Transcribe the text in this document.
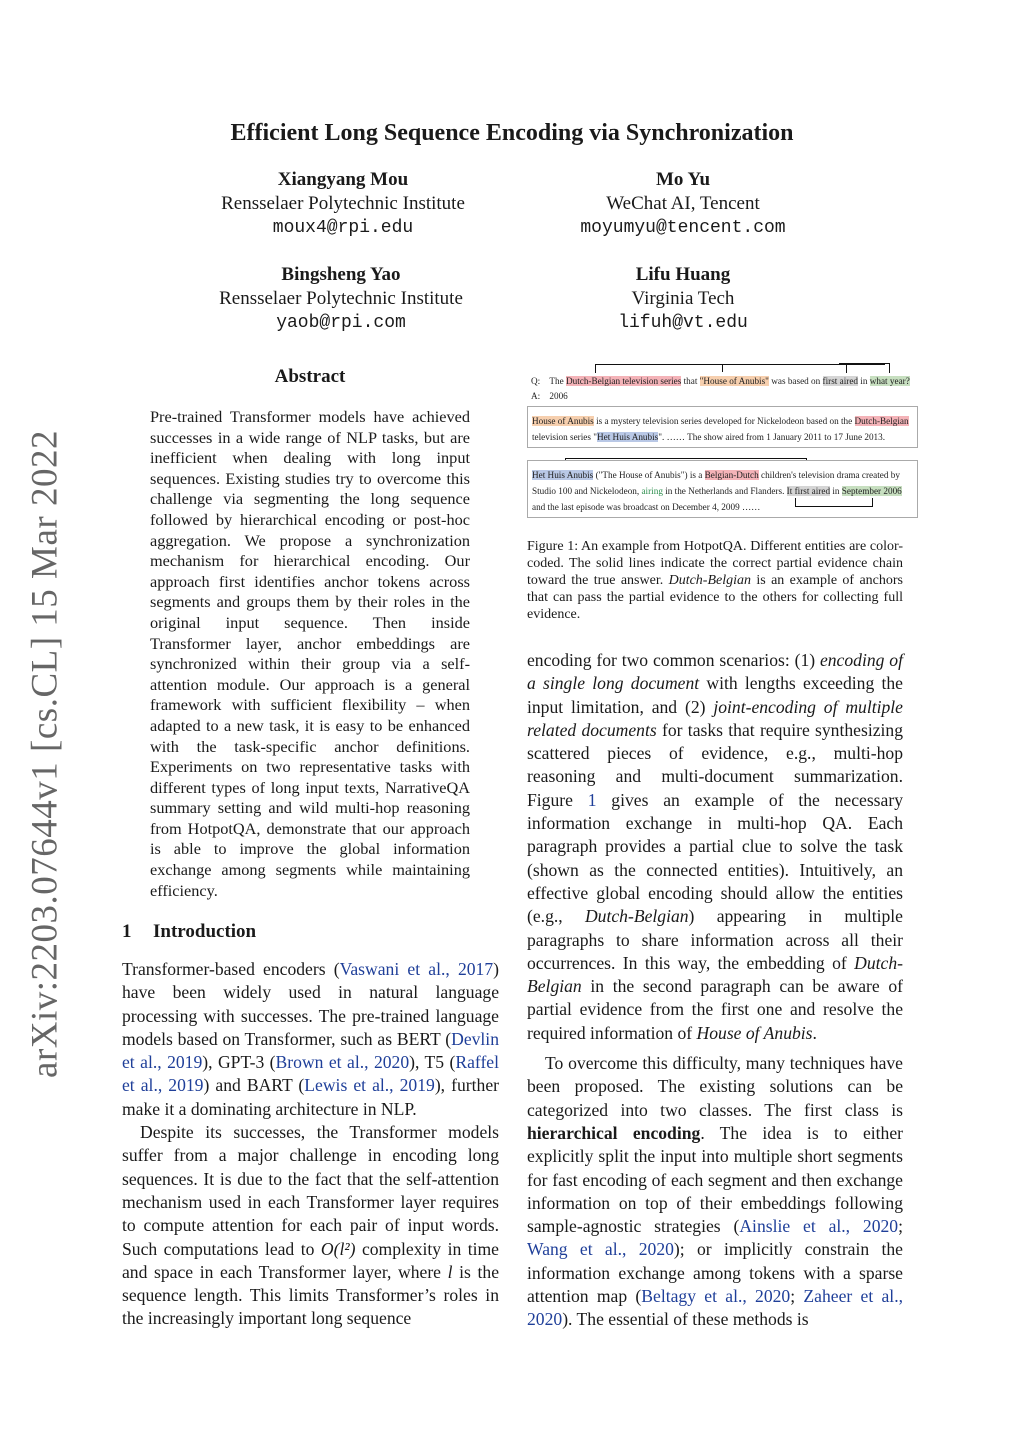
arXiv:2203.07644v1 [cs.CL] 15 Mar 2022
Efficient Long Sequence Encoding via Synchronization
Xiangyang Mou
Rensselaer Polytechnic Institute
moux4@rpi.edu
Mo Yu
WeChat AI, Tencent
moyumyu@tencent.com
Bingsheng Yao
Rensselaer Polytechnic Institute
yaob@rpi.com
Lifu Huang
Virginia Tech
lifuh@vt.edu
Abstract

Pre-trained Transformer models have achieved successes in a wide range of NLP tasks, but are inefficient when dealing with long input sequences. Existing studies try to overcome this challenge via segmenting the long sequence followed by hierarchical encoding or post-hoc aggregation. We propose a synchronization mechanism for hierarchical encoding. Our approach first identifies anchor tokens across segments and groups them by their roles in the original input sequence. Then inside Transformer layer, anchor embeddings are synchronized within their group via a self-attention module. Our approach is a general framework with sufficient flexibility – when adapted to a new task, it is easy to be enhanced with the task-specific anchor definitions. Experiments on two representative tasks with different types of long input texts, NarrativeQA summary setting and wild multi-hop reasoning from HotpotQA, demonstrate that our approach is able to improve the global information exchange among segments while maintaining efficiency.

1 Introduction

Transformer-based encoders (Vaswani et al., 2017) have been widely used in natural language processing with successes. The pre-trained language models based on Transformer, such as BERT (Devlin et al., 2019), GPT-3 (Brown et al., 2020), T5 (Raffel et al., 2019) and BART (Lewis et al., 2019), further make it a dominating architecture in NLP.

Despite its successes, the Transformer models suffer from a major challenge in encoding long sequences. It is due to the fact that the self-attention mechanism used in each Transformer layer requires to compute attention for each pair of input words. Such computations lead to O(l²) complexity in time and space in each Transformer layer, where l is the sequence length. This limits Transformer’s roles in the increasingly important long sequence

Q: The Dutch-Belgian television series that "House of Anubis" was based on first aired in what year?
A: 2006
House of Anubis is a mystery television series developed for Nickelodeon based on the Dutch-Belgian
television series "Het Huis Anubis". …… The show aired from 1 January 2011 to 17 June 2013.
Het Huis Anubis ("The House of Anubis") is a Belgian-Dutch children's television drama created by
Studio 100 and Nickelodeon, airing in the Netherlands and Flanders. It first aired in September 2006
and the last episode was broadcast on December 4, 2009 ……
Figure 1: An example from HotpotQA. Different entities are color-coded. The solid lines indicate the correct partial evidence chain toward the true answer. Dutch-Belgian is an example of anchors that can pass the partial evidence to the others for collecting full evidence.

encoding for two common scenarios: (1) encoding of a single long document with lengths exceeding the input limitation, and (2) joint-encoding of multiple related documents for tasks that require synthesizing scattered pieces of evidence, e.g., multi-hop reasoning and multi-document summarization. Figure 1 gives an example of the necessary information exchange in multi-hop QA. Each paragraph provides a partial clue to solve the task (shown as the connected entities). Intuitively, an effective global encoding should allow the entities (e.g., Dutch-Belgian) appearing in multiple paragraphs to share information across all their occurrences. In this way, the embedding of Dutch-Belgian in the second paragraph can be aware of partial evidence from the first one and resolve the required information of House of Anubis.

To overcome this difficulty, many techniques have been proposed. The existing solutions can be categorized into two classes. The first class is hierarchical encoding. The idea is to either explicitly split the input into multiple short segments for fast encoding of each segment and then exchange information on top of their embeddings following sample-agnostic strategies (Ainslie et al., 2020; Wang et al., 2020); or implicitly constrain the information exchange among tokens with a sparse attention map (Beltagy et al., 2020; Zaheer et al., 2020). The essential of these methods is
